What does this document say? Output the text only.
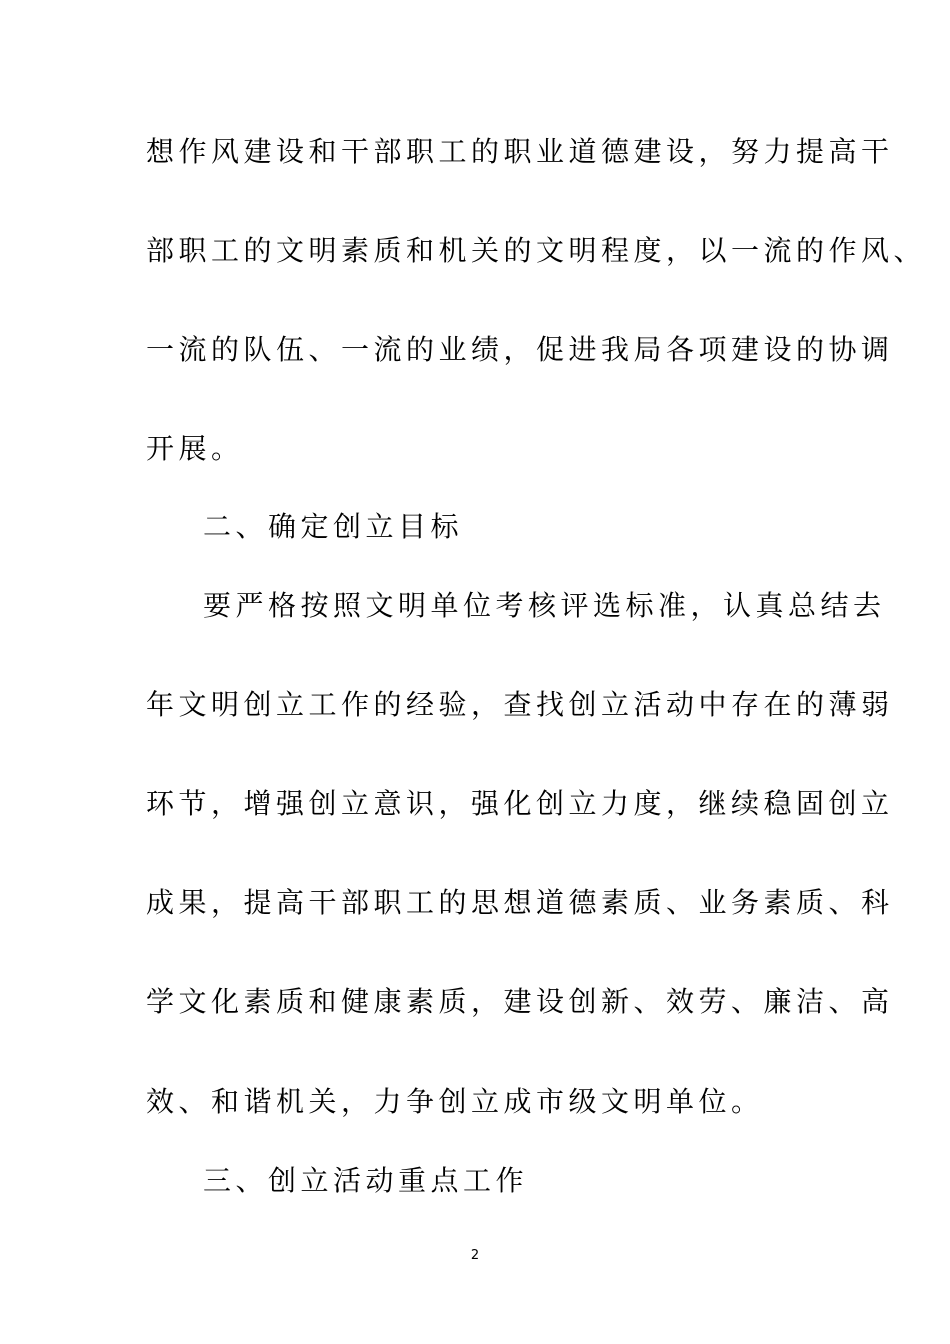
想作风建设和干部职工的职业道德建设，努力提高干
部职工的文明素质和机关的文明程度，以一流的作风、
一流的队伍、一流的业绩，促进我局各项建设的协调
开展。
二、确定创立目标
要严格按照文明单位考核评选标准，认真总结去
年文明创立工作的经验，查找创立活动中存在的薄弱
环节，增强创立意识，强化创立力度，继续稳固创立
成果，提高干部职工的思想道德素质、业务素质、科
学文化素质和健康素质，建设创新、效劳、廉洁、高
效、和谐机关，力争创立成市级文明单位。
三、创立活动重点工作
2
